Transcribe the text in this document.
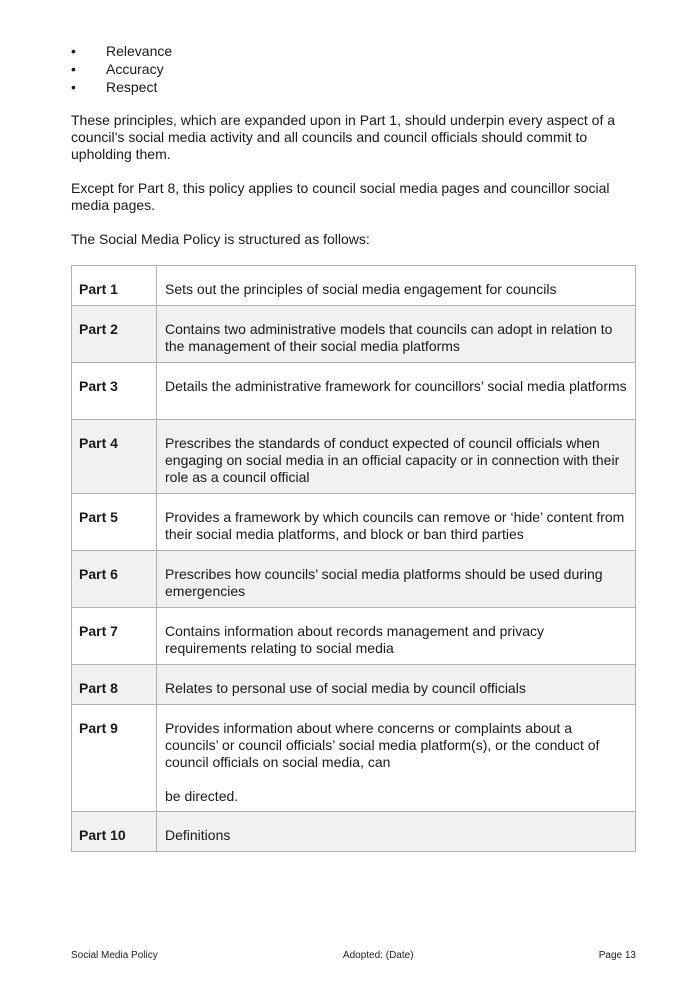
• Relevance
• Accuracy
• Respect

These principles, which are expanded upon in Part 1, should underpin every aspect of a council’s social media activity and all councils and council officials should commit to upholding them.

Except for Part 8, this policy applies to council social media pages and councillor social media pages.

The Social Media Policy is structured as follows:

Part 1	Sets out the principles of social media engagement for councils
Part 2	Contains two administrative models that councils can adopt in relation to the management of their social media platforms
Part 3	Details the administrative framework for councillors’ social media platforms
Part 4	Prescribes the standards of conduct expected of council officials when engaging on social media in an official capacity or in connection with their role as a council official
Part 5	Provides a framework by which councils can remove or ‘hide’ content from their social media platforms, and block or ban third parties
Part 6	Prescribes how councils’ social media platforms should be used during emergencies
Part 7	Contains information about records management and privacy requirements relating to social media
Part 8	Relates to personal use of social media by council officials
Part 9	Provides information about where concerns or complaints about a councils’ or council officials’ social media platform(s), or the conduct of council officials on social media, can
be directed.

Part 10	Definitions
Social Media Policy	Adopted: (Date)	Page 13
